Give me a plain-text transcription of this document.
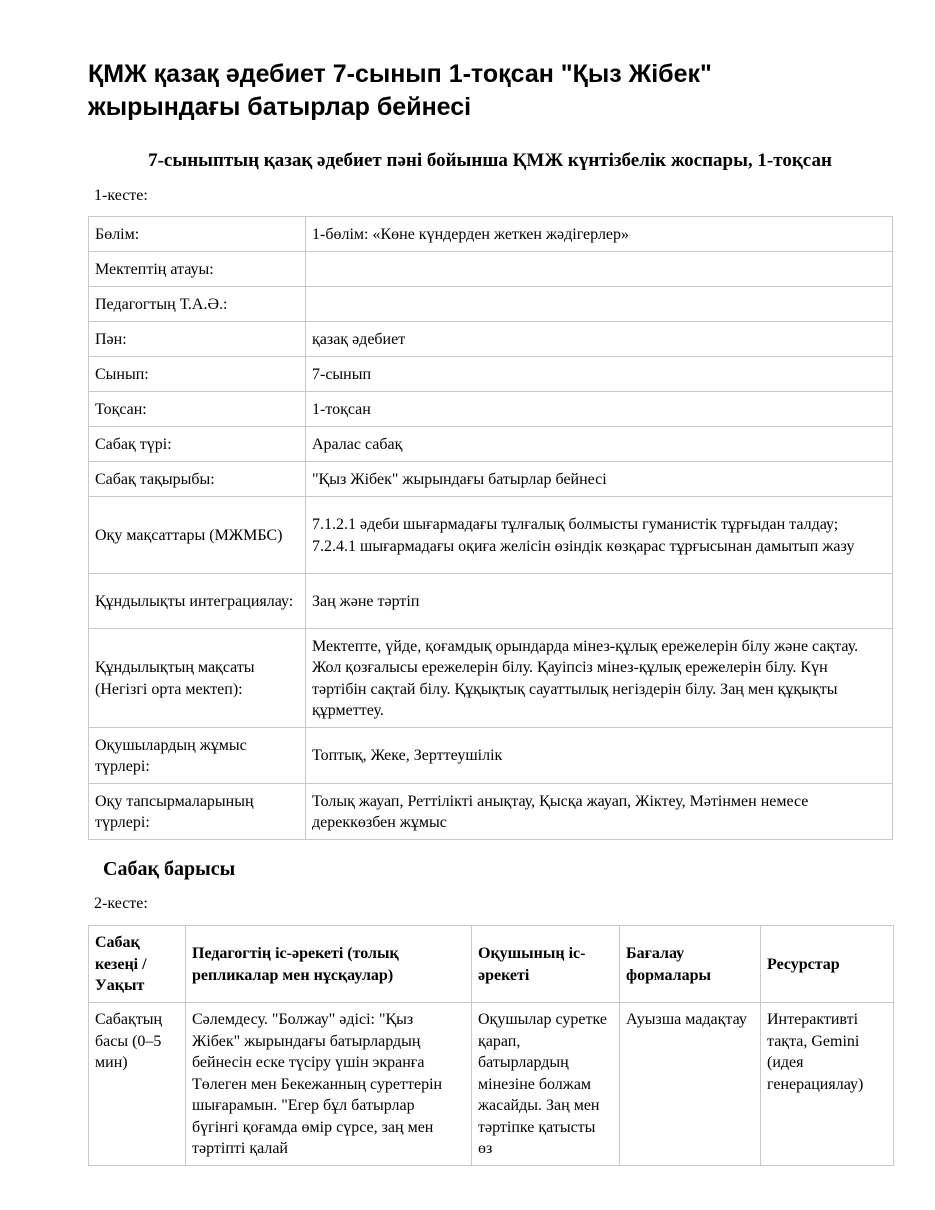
ҚМЖ қазақ әдебиет 7-сынып 1-тоқсан "Қыз Жібек" жырындағы батырлар бейнесі
7-сыныптың қазақ әдебиет пәні бойынша ҚМЖ күнтізбелік жоспары, 1-тоқсан
1-кесте:
Бөлім:	1-бөлім: «Көне күндерден жеткен жәдігерлер»
Мектептің атауы:	
Педагогтың Т.А.Ә.:	
Пән:	қазақ әдебиет
Сынып:	7-сынып
Тоқсан:	1-тоқсан
Сабақ түрі:	Аралас сабақ
Сабақ тақырыбы:	"Қыз Жібек" жырындағы батырлар бейнесі
Оқу мақсаттары (МЖМБС)	7.1.2.1 әдеби шығармадағы тұлғалық болмысты гуманистік тұрғыдан талдау; 7.2.4.1 шығармадағы оқиға желісін өзіндік көзқарас тұрғысынан дамытып жазу
Құндылықты интеграциялау:	Заң және тәртіп
Құндылықтың мақсаты (Негізгі орта мектеп):	Мектепте, үйде, қоғамдық орындарда мінез-құлық ережелерін білу және сақтау. Жол қозғалысы ережелерін білу. Қауіпсіз мінез-құлық ережелерін білу. Күн тәртібін сақтай білу. Құқықтық сауаттылық негіздерін білу. Заң мен құқықты құрметтеу.
Оқушылардың жұмыс түрлері:	Топтық, Жеке, Зерттеушілік
Оқу тапсырмаларының түрлері:	Толық жауап, Реттілікті анықтау, Қысқа жауап, Жіктеу, Мәтінмен немесе дереккөзбен жұмыс
Сабақ барысы
2-кесте:
Сабақ кезеңі / Уақыт	Педагогтің іс-әрекеті (толық репликалар мен нұсқаулар)	Оқушының іс-әрекеті	Бағалау формалары	Ресурстар
Сабақтың басы (0–5 мин)	Сәлемдесу. "Болжау" әдісі: "Қыз Жібек" жырындағы батырлардың бейнесін еске түсіру үшін экранға Төлеген мен Бекежанның суреттерін шығарамын. "Егер бұл батырлар бүгінгі қоғамда өмір сүрсе, заң мен тәртіпті қалай	Оқушылар суретке қарап, батырлардың мінезіне болжам жасайды. Заң мен тәртіпке қатысты өз	Ауызша мадақтау	Интерактивті тақта, Gemini (идея генерациялау)
